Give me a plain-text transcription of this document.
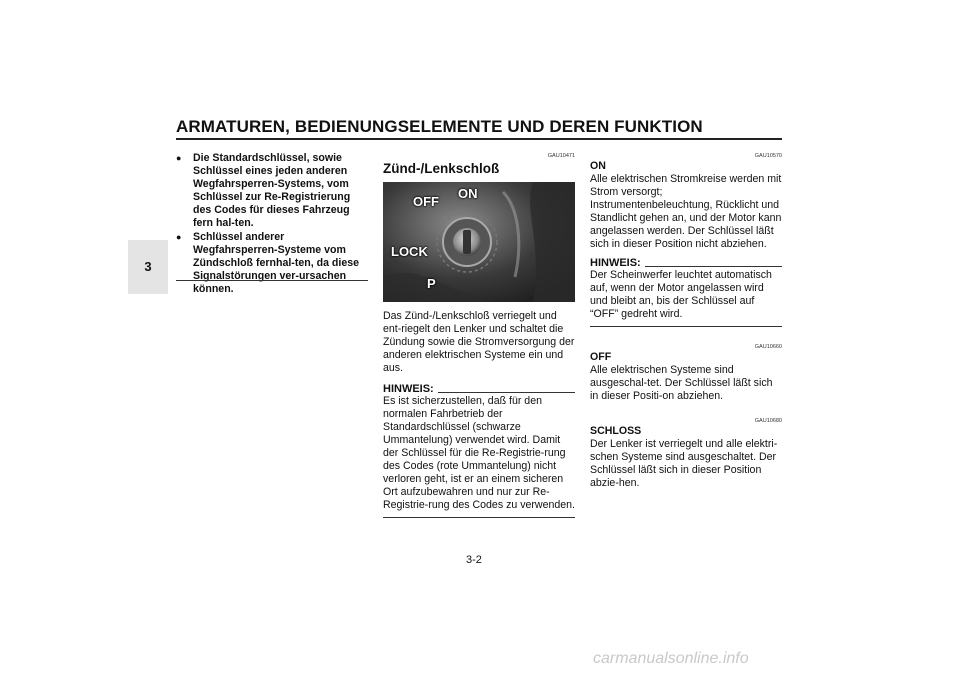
ARMATUREN, BEDIENUNGSELEMENTE UND DEREN FUNKTION
3
●	Die Standardschlüssel, sowie Schlüssel eines jeden anderen Wegfahrsperren-Systems, vom Schlüssel zur Re-Registrierung des Codes für dieses Fahrzeug fern hal-ten.
●	Schlüssel anderer Wegfahrsperren-Systeme vom Zündschloß fernhal-ten, da diese Signalstörungen ver-ursachen können.
GAU10471
Zünd-/Lenkschloß
OFF
ON
LOCK
P
Das Zünd-/Lenkschloß verriegelt und ent-riegelt den Lenker und schaltet die Zündung sowie die Stromversorgung der anderen elektrischen Systeme ein und aus.
HINWEIS:
Es ist sicherzustellen, daß für den normalen Fahrbetrieb der Standardschlüssel (schwarze Ummantelung) verwendet wird. Damit der Schlüssel für die Re-Registrie-rung des Codes (rote Ummantelung) nicht verloren geht, ist er an einem sicheren Ort aufzubewahren und nur zur Re-Registrie-rung des Codes zu verwenden.
GAU10570
ON
Alle elektrischen Stromkreise werden mit Strom versorgt; Instrumentenbeleuchtung, Rücklicht und Standlicht gehen an, und der Motor kann angelassen werden. Der Schlüssel läßt sich in dieser Position nicht abziehen.
HINWEIS:
Der Scheinwerfer leuchtet automatisch auf, wenn der Motor angelassen wird und bleibt an, bis der Schlüssel auf “OFF” gedreht wird.
GAU10660
OFF
Alle elektrischen Systeme sind ausgeschal-tet. Der Schlüssel läßt sich in dieser Positi-on abziehen.
GAU10680
SCHLOSS
Der Lenker ist verriegelt und alle elektri-schen Systeme sind ausgeschaltet. Der Schlüssel läßt sich in dieser Position abzie-hen.
3-2
carmanualsonline.info
